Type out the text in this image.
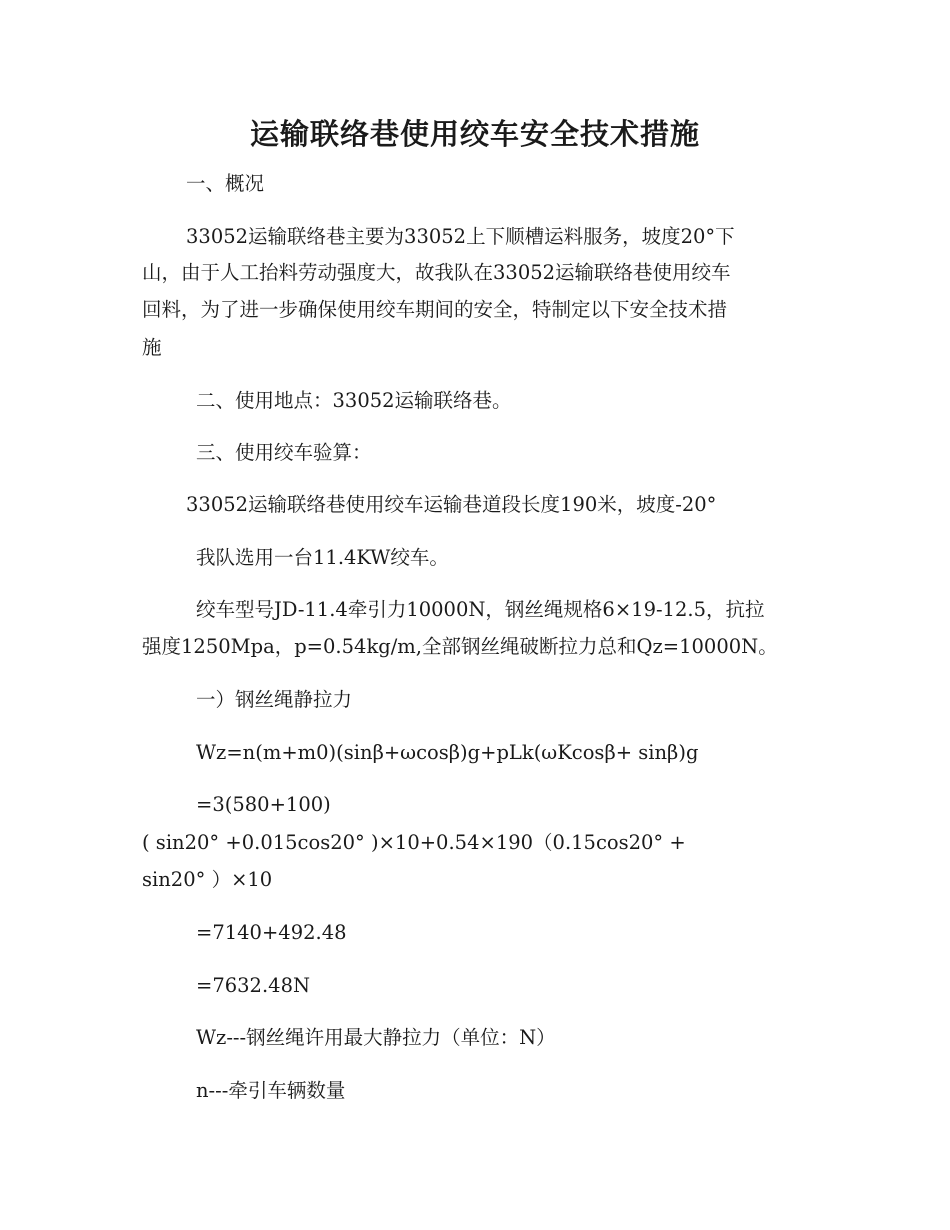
运输联络巷使用绞车安全技术措施
一、概况
33052运输联络巷主要为33052上下顺槽运料服务，坡度20°下
山，由于人工抬料劳动强度大，故我队在33052运输联络巷使用绞车
回料，为了进一步确保使用绞车期间的安全，特制定以下安全技术措
施
二、使用地点：33052运输联络巷。
三、使用绞车验算：
33052运输联络巷使用绞车运输巷道段长度190米，坡度-20°
我队选用一台11.4KW绞车。
绞车型号JD-11.4牵引力10000N，钢丝绳规格6×19-12.5，抗拉
强度1250Mpa，p=0.54kg/m,全部钢丝绳破断拉力总和Qz=10000N。
一）钢丝绳静拉力
Wz=n(m+m0)(sinβ+ωcosβ)g+pLk(ωKcosβ+ sinβ)g
=3(580+100)
( sin20° +0.015cos20° )×10+0.54×190（0.15cos20° +
sin20° ）×10
=7140+492.48
=7632.48N
Wz---钢丝绳许用最大静拉力（单位：N）
n---牵引车辆数量
